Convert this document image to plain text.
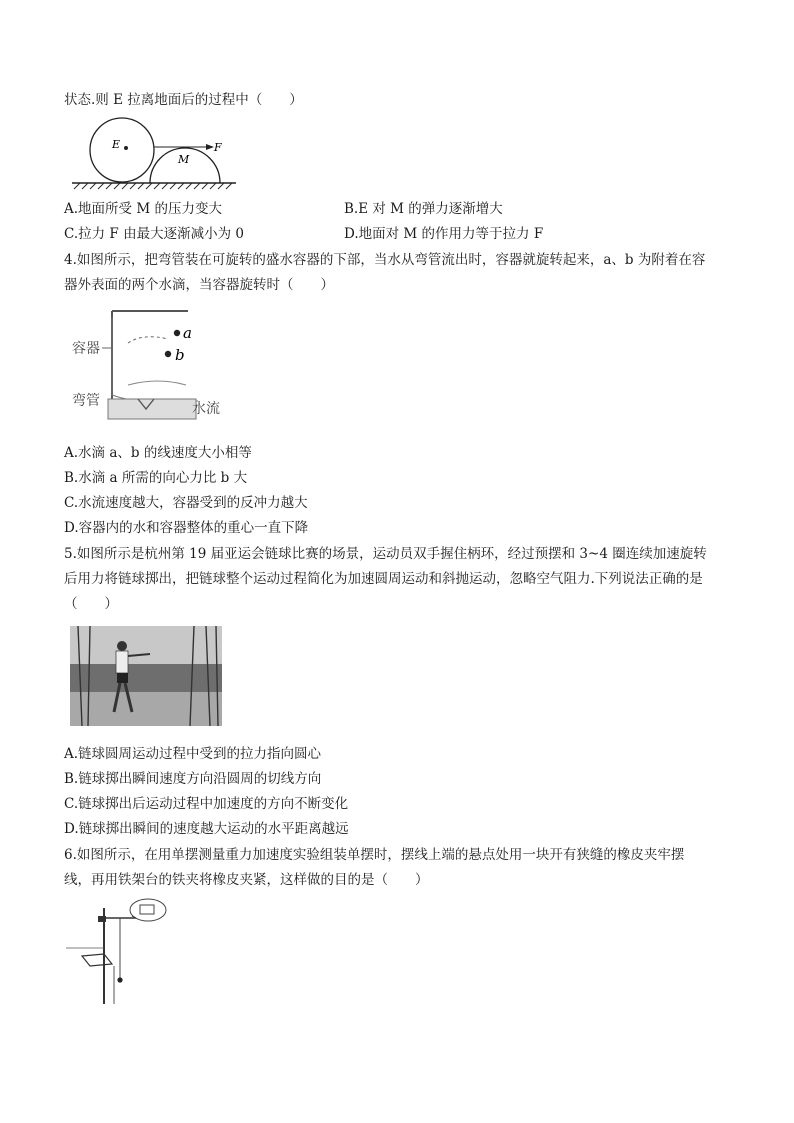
状态.则 E 拉离地面后的过程中（　　）
E
M
F
A.地面所受 M 的压力变大	B.E 对 M 的弹力逐渐增大
C.拉力 F 由最大逐渐减小为 0	D.地面对 M 的作用力等于拉力 F
4.如图所示，把弯管装在可旋转的盛水容器的下部，当水从弯管流出时，容器就旋转起来，a、b 为附着在容
器外表面的两个水滴，当容器旋转时（　　）
a
b
容器
弯管	水流
A.水滴 a、b 的线速度大小相等
B.水滴 a 所需的向心力比 b 大
C.水流速度越大，容器受到的反冲力越大
D.容器内的水和容器整体的重心一直下降
5.如图所示是杭州第 19 届亚运会链球比赛的场景，运动员双手握住柄环，经过预摆和 3~4 圈连续加速旋转
后用力将链球掷出，把链球整个运动过程简化为加速圆周运动和斜抛运动，忽略空气阻力.下列说法正确的是
（　　）
A.链球圆周运动过程中受到的拉力指向圆心
B.链球掷出瞬间速度方向沿圆周的切线方向
C.链球掷出后运动过程中加速度的方向不断变化
D.链球掷出瞬间的速度越大运动的水平距离越远
6.如图所示，在用单摆测量重力加速度实验组装单摆时，摆线上端的悬点处用一块开有狭缝的橡皮夹牢摆
线，再用铁架台的铁夹将橡皮夹紧，这样做的目的是（　　）
